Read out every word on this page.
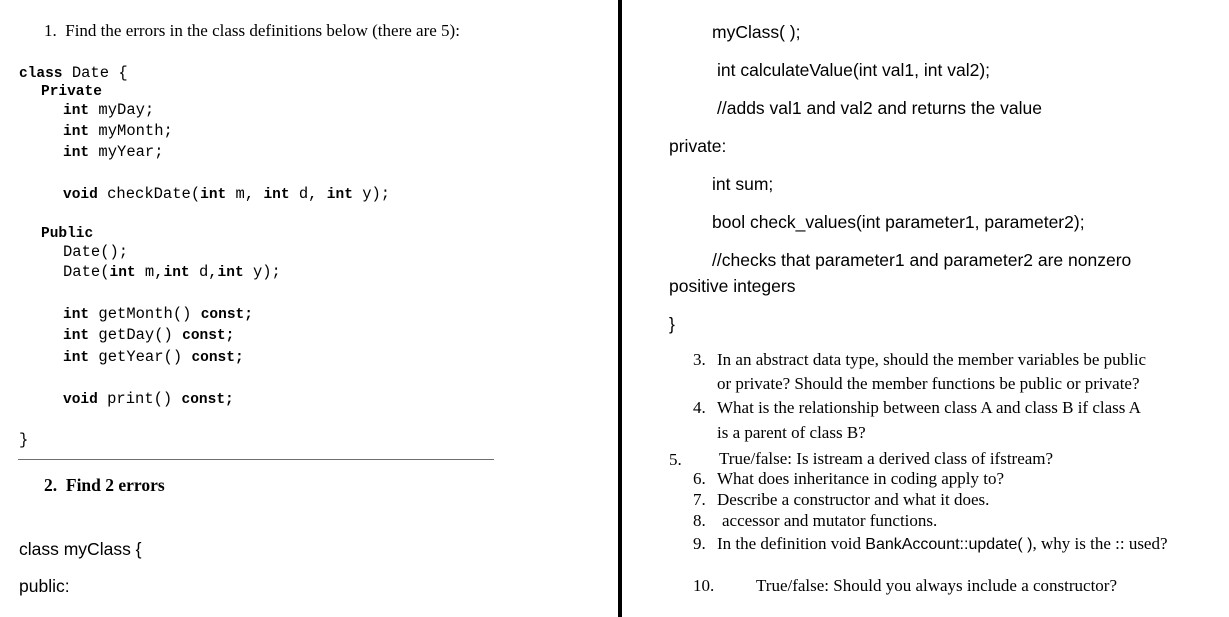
1. Find the errors in the class definitions below (there are 5):
class Date {
Private
int myDay;
int myMonth;
int myYear;
void checkDate(int m, int d, int y);
Public
Date();
Date(int m,int d,int y);
int getMonth() const;
int getDay() const;
int getYear() const;
void print() const;
}
2. Find 2 errors
class myClass {
public:
myClass( );
int calculateValue(int val1, int val2);
//adds val1 and val2 and returns the value
private:
int sum;
bool check_values(int parameter1, parameter2);
//checks that parameter1 and parameter2 are nonzero
positive integers
}
3. In an abstract data type, should the member variables be public
or private? Should the member functions be public or private?
4. What is the relationship between class A and class B if class A
is a parent of class B?
5. True/false: Is istream a derived class of ifstream?
6. What does inheritance in coding apply to?
7. Describe a constructor and what it does.
8. accessor and mutator functions.
9. In the definition void BankAccount::update( ), why is the :: used?
10. True/false: Should you always include a constructor?
